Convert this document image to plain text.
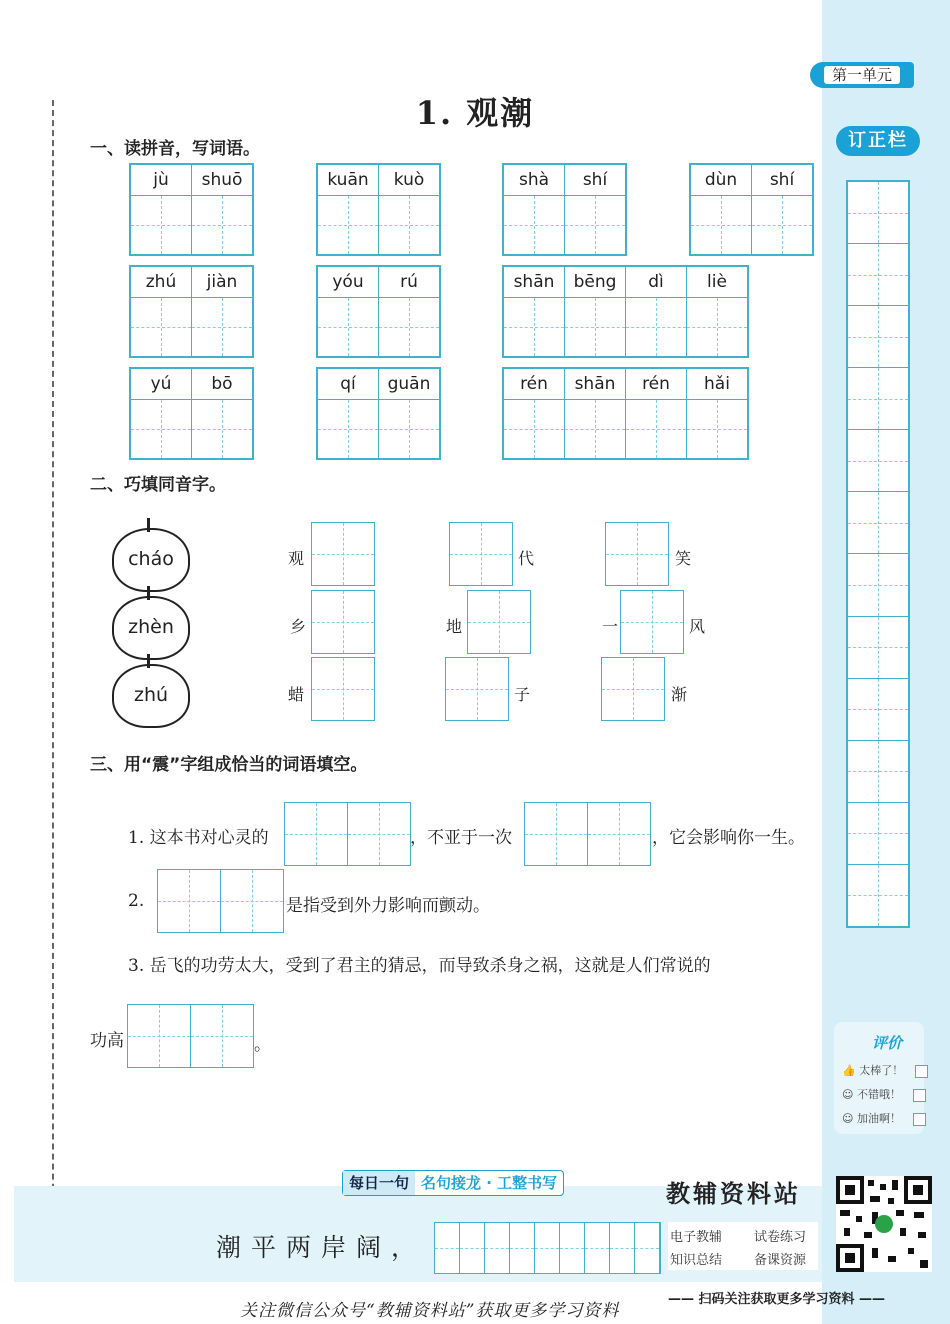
第一单元
1. 观潮
一、读拼音，写词语。
jù	shuō	kuān	kuò	shà	shí	dùn	shí
zhú	jiàn	yóu	rú	shān	bēng	dì	liè
yú	bō	qí	guān	rén	shān	rén	hǎi
二、巧填同音字。
cháo
zhèn
zhú
观	代	笑
乡	地	一	风
蜡	子	渐
三、用“震”字组成恰当的词语填空。
1. 这本书对心灵的	，不亚于一次	，它会影响你一生。
2.	是指受到外力影响而颤动。
3. 岳飞的功劳太大，受到了君主的猜忌，而导致杀身之祸，这就是人们常说的
功高	。
订正栏
评价
👍 太棒了！
☺ 不错哦！
☺ 加油啊！
每日一句 名句接龙 · 工整书写
潮平两岸阔，
教辅资料站
电子教辅 试卷练习
知识总结 备课资源
—— 扫码关注获取更多学习资料 ——
关注微信公众号“教辅资料站”获取更多学习资料
